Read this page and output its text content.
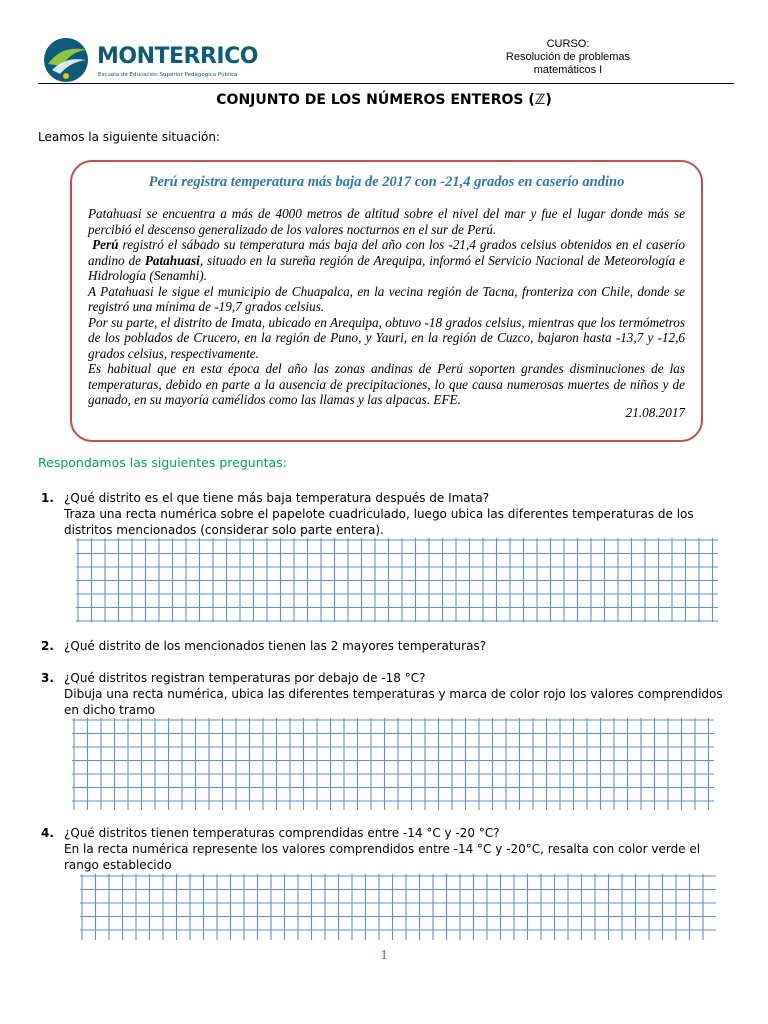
MONTERRICO
Escuela de Educación Superior Pedagógica Pública
CURSO:
Resolución de problemas
matemáticos I
CONJUNTO DE LOS NÚMEROS ENTEROS (ℤ)
Leamos la siguiente situación:
Perú registra temperatura más baja de 2017 con -21,4 grados en caserío andino

Patahuasi se encuentra a más de 4000 metros de altitud sobre el nivel del mar y fue el lugar donde más se percibió el descenso generalizado de los valores nocturnos en el sur de Perú.

Perú registró el sábado su temperatura más baja del año con los -21,4 grados celsius obtenidos en el caserío andino de Patahuasi, situado en la sureña región de Arequipa, informó el Servicio Nacional de Meteorología e Hidrología (Senamhi).

A Patahuasi le sigue el municipio de Chuapalca, en la vecina región de Tacna, fronteriza con Chile, donde se registró una mínima de -19,7 grados celsius.

Por su parte, el distrito de Imata, ubicado en Arequipa, obtuvo -18 grados celsius, mientras que los termómetros de los poblados de Crucero, en la región de Puno, y Yauri, en la región de Cuzco, bajaron hasta -13,7 y -12,6 grados celsius, respectivamente.

Es habitual que en esta época del año las zonas andinas de Perú soporten grandes disminuciones de las temperaturas, debido en parte a la ausencia de precipitaciones, lo que causa numerosas muertes de niños y de ganado, en su mayoría camélidos como las llamas y las alpacas. EFE.

21.08.2017
Respondamos las siguientes preguntas:
1. ¿Qué distrito es el que tiene más baja temperatura después de Imata?
Traza una recta numérica sobre el papelote cuadriculado, luego ubica las diferentes temperaturas de los distritos mencionados (considerar solo parte entera).
2. ¿Qué distrito de los mencionados tienen las 2 mayores temperaturas?
3. ¿Qué distritos registran temperaturas por debajo de -18 °C?
Dibuja una recta numérica, ubica las diferentes temperaturas y marca de color rojo los valores comprendidos en dicho tramo
4. ¿Qué distritos tienen temperaturas comprendidas entre -14 °C y -20 °C?
En la recta numérica represente los valores comprendidos entre -14 °C y -20°C, resalta con color verde el rango establecido
1
